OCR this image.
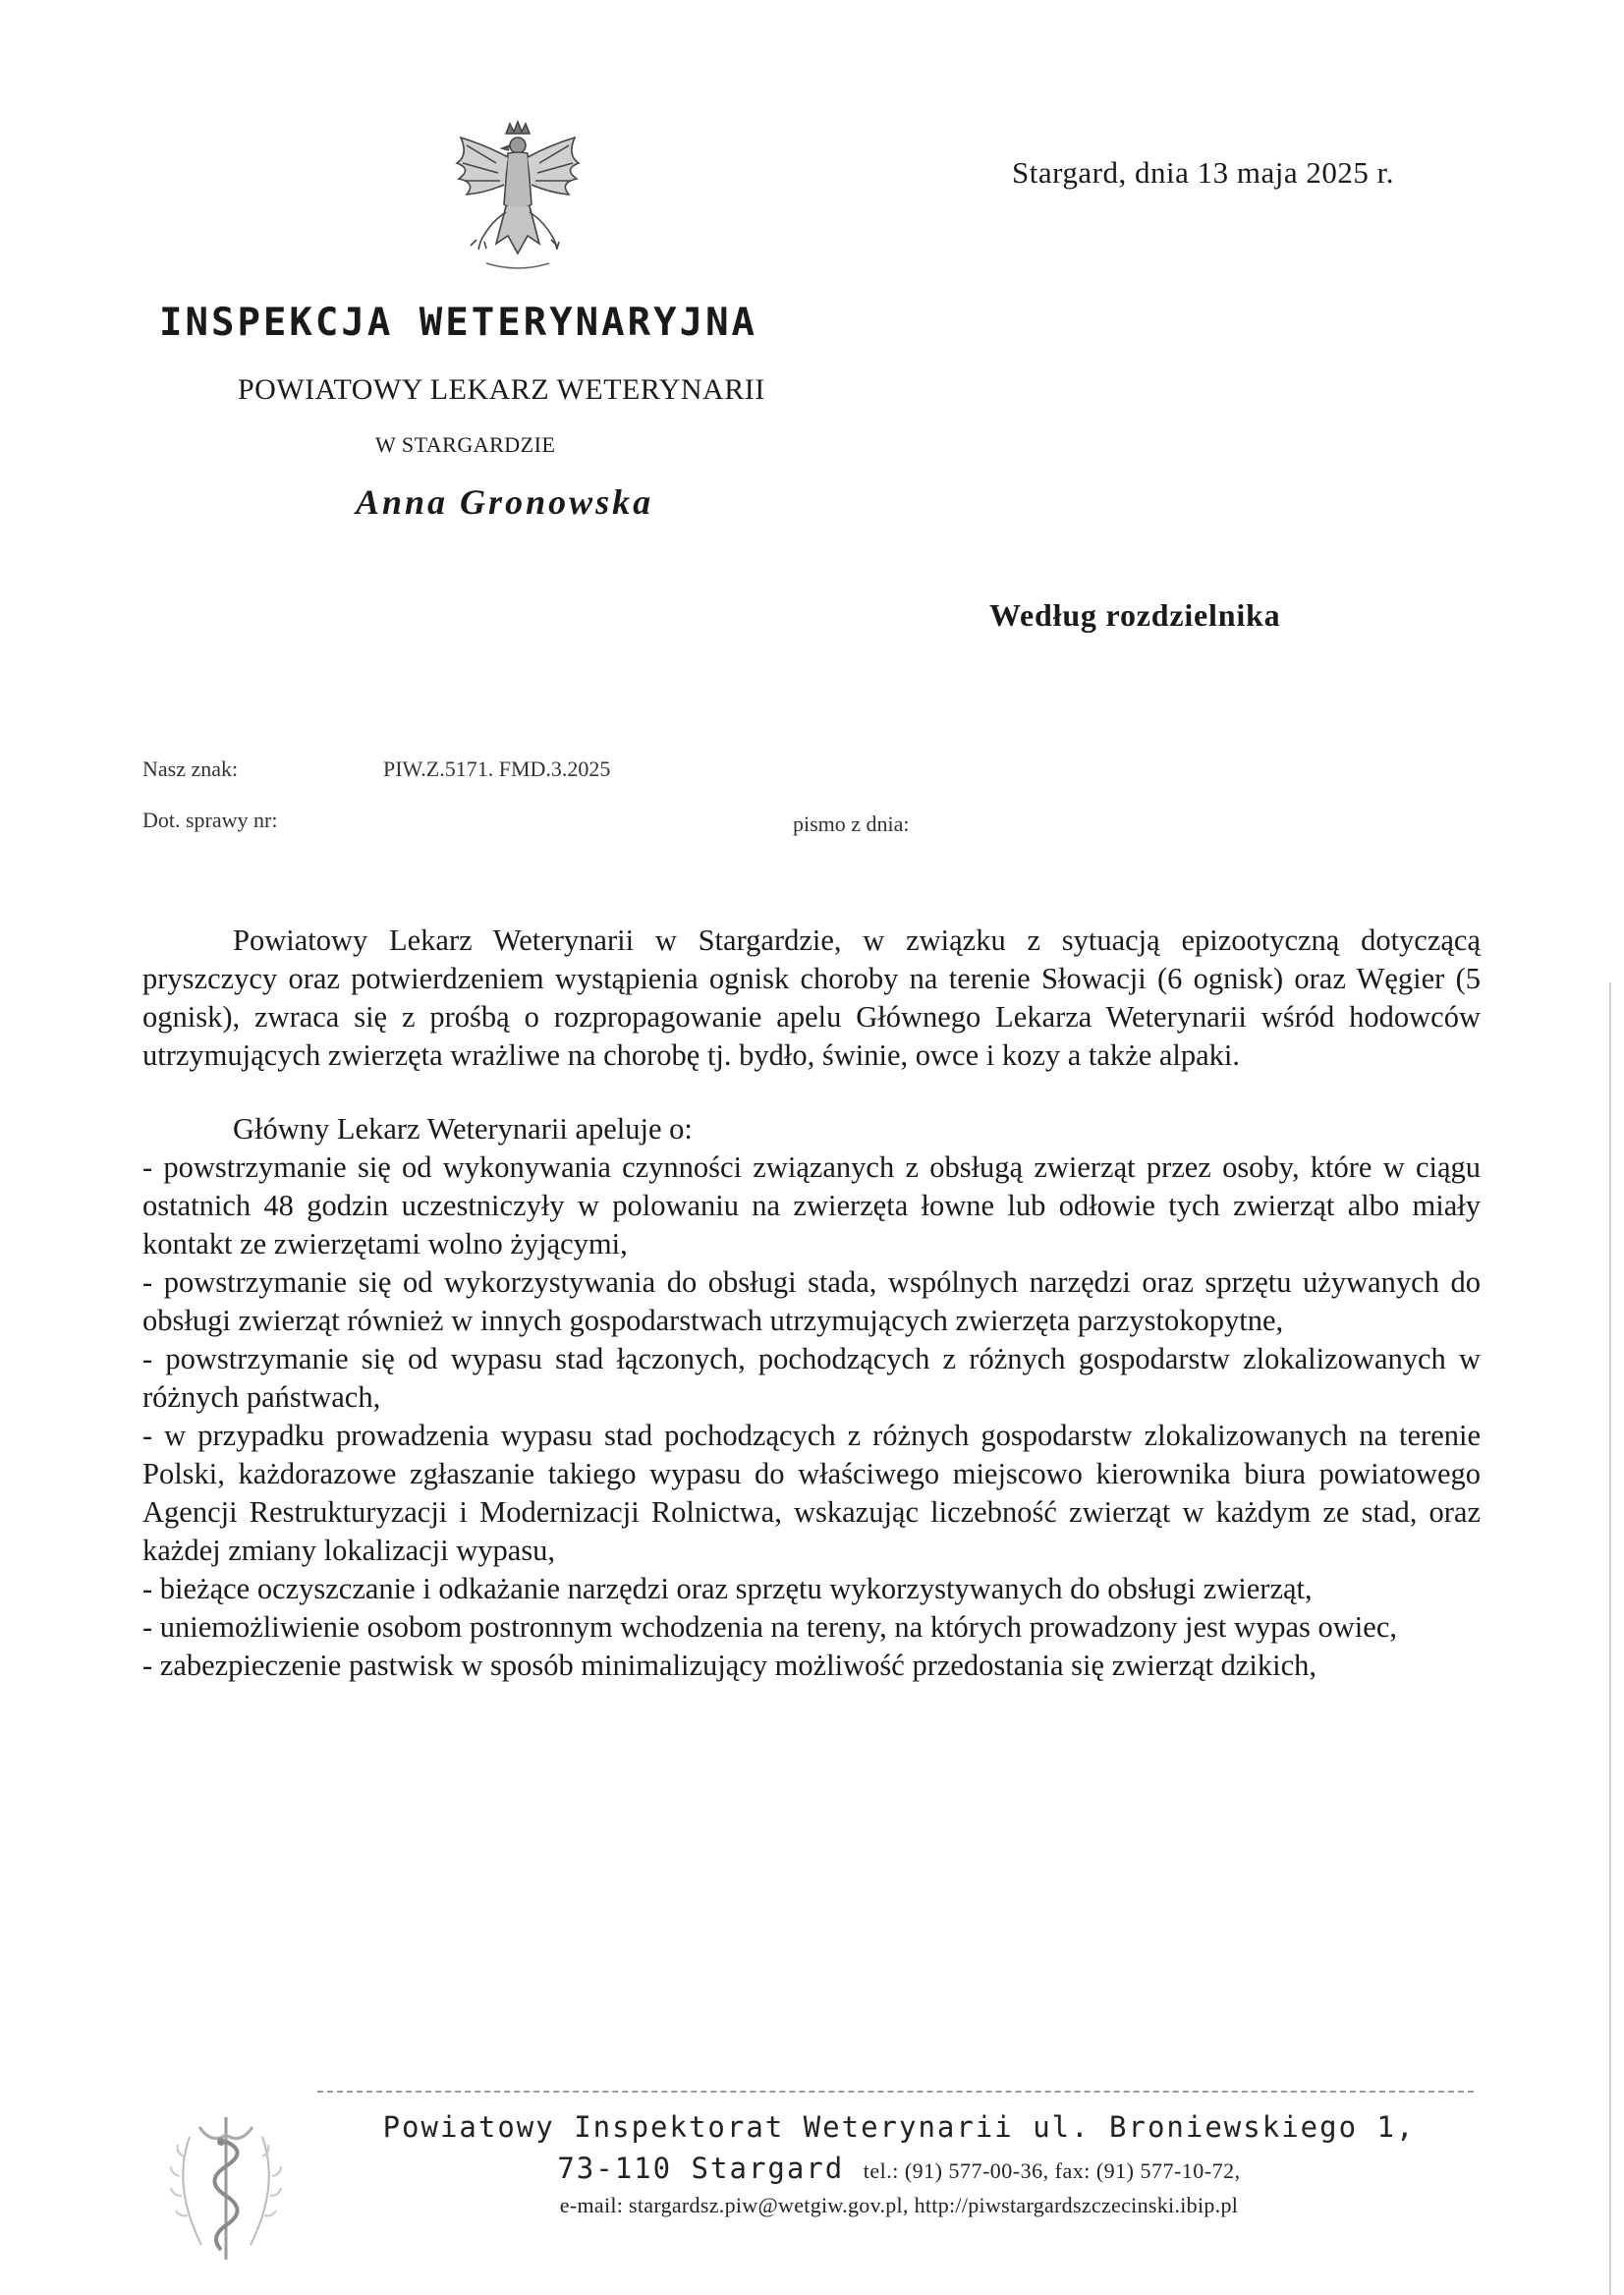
Stargard, dnia 13 maja 2025 r.
INSPEKCJA WETERYNARYJNA
POWIATOWY LEKARZ WETERYNARII
W STARGARDZIE
Anna Gronowska
Według rozdzielnika
Nasz znak:	PIW.Z.5171. FMD.3.2025
Dot. sprawy nr:	pismo z dnia:

Powiatowy Lekarz Weterynarii w Stargardzie, w związku z sytuacją epizootyczną dotyczącą pryszczycy oraz potwierdzeniem wystąpienia ognisk choroby na terenie Słowacji (6 ognisk) oraz Węgier (5 ognisk), zwraca się z prośbą o rozpropagowanie apelu Głównego Lekarza Weterynarii wśród hodowców utrzymujących zwierzęta wrażliwe na chorobę tj. bydło, świnie, owce i kozy a także alpaki.

Główny Lekarz Weterynarii apeluje o:

- powstrzymanie się od wykonywania czynności związanych z obsługą zwierząt przez osoby, które w ciągu ostatnich 48 godzin uczestniczyły w polowaniu na zwierzęta łowne lub odłowie tych zwierząt albo miały kontakt ze zwierzętami wolno żyjącymi,

- powstrzymanie się od wykorzystywania do obsługi stada, wspólnych narzędzi oraz sprzętu używanych do obsługi zwierząt również w innych gospodarstwach utrzymujących zwierzęta parzystokopytne,

- powstrzymanie się od wypasu stad łączonych, pochodzących z różnych gospodarstw zlokalizowanych w różnych państwach,

- w przypadku prowadzenia wypasu stad pochodzących z różnych gospodarstw zlokalizowanych na terenie Polski, każdorazowe zgłaszanie takiego wypasu do właściwego miejscowo kierownika biura powiatowego Agencji Restrukturyzacji i Modernizacji Rolnictwa, wskazując liczebność zwierząt w każdym ze stad, oraz każdej zmiany lokalizacji wypasu,

- bieżące oczyszczanie i odkażanie narzędzi oraz sprzętu wykorzystywanych do obsługi zwierząt,

- uniemożliwienie osobom postronnym wchodzenia na tereny, na których prowadzony jest wypas owiec,

- zabezpieczenie pastwisk w sposób minimalizujący możliwość przedostania się zwierząt dzikich,

Powiatowy Inspektorat Weterynarii ul. Broniewskiego 1,
73-110 Stargard tel.: (91) 577-00-36, fax: (91) 577-10-72,
e-mail: stargardsz.piw@wetgiw.gov.pl, http://piwstargardszczecinski.ibip.pl
